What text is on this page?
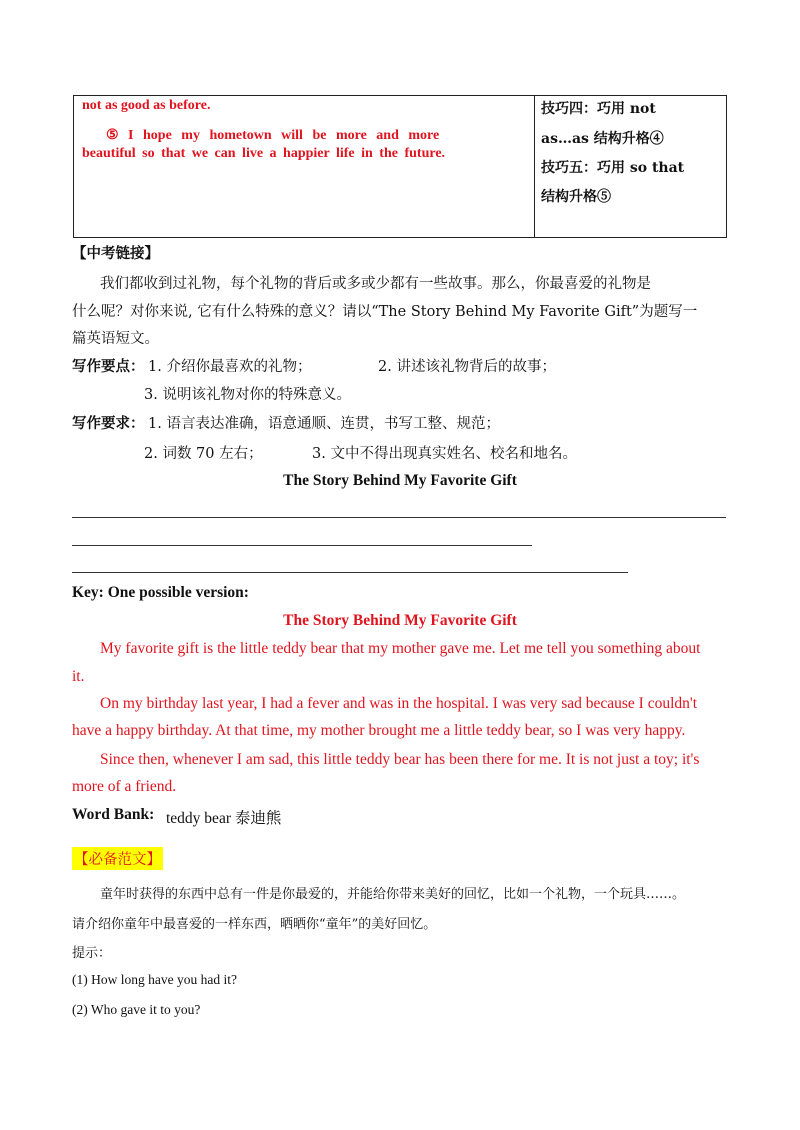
not as good as before.
⑤ I hope my hometown will be more and more
beautiful so that we can live a happier life in the future.
技巧四：巧用 not
as…as 结构升格④
技巧五：巧用 so that
结构升格⑤
【中考链接】
我们都收到过礼物，每个礼物的背后或多或少都有一些故事。那么，你最喜爱的礼物是
什么呢？对你来说, 它有什么特殊的意义？请以“The Story Behind My Favorite Gift”为题写一
篇英语短文。
写作要点： 1. 介绍你最喜欢的礼物；	2. 讲述该礼物背后的故事；
3. 说明该礼物对你的特殊意义。
写作要求： 1. 语言表达准确，语意通顺、连贯，书写工整、规范；
2. 词数 70 左右；	3. 文中不得出现真实姓名、校名和地名。
The Story Behind My Favorite Gift
Key: One possible version:
The Story Behind My Favorite Gift
My favorite gift is the little teddy bear that my mother gave me. Let me tell you something about
it.
On my birthday last year, I had a fever and was in the hospital. I was very sad because I couldn't
have a happy birthday. At that time, my mother brought me a little teddy bear, so I was very happy.
Since then, whenever I am sad, this little teddy bear has been there for me. It is not just a toy; it's
more of a friend.
Word Bank: teddy bear 泰迪熊
【必备范文】
童年时获得的东西中总有一件是你最爱的，并能给你带来美好的回忆，比如一个礼物，一个玩具……。
请介绍你童年中最喜爱的一样东西，晒晒你“童年”的美好回忆。
提示：
(1) How long have you had it?
(2) Who gave it to you?
